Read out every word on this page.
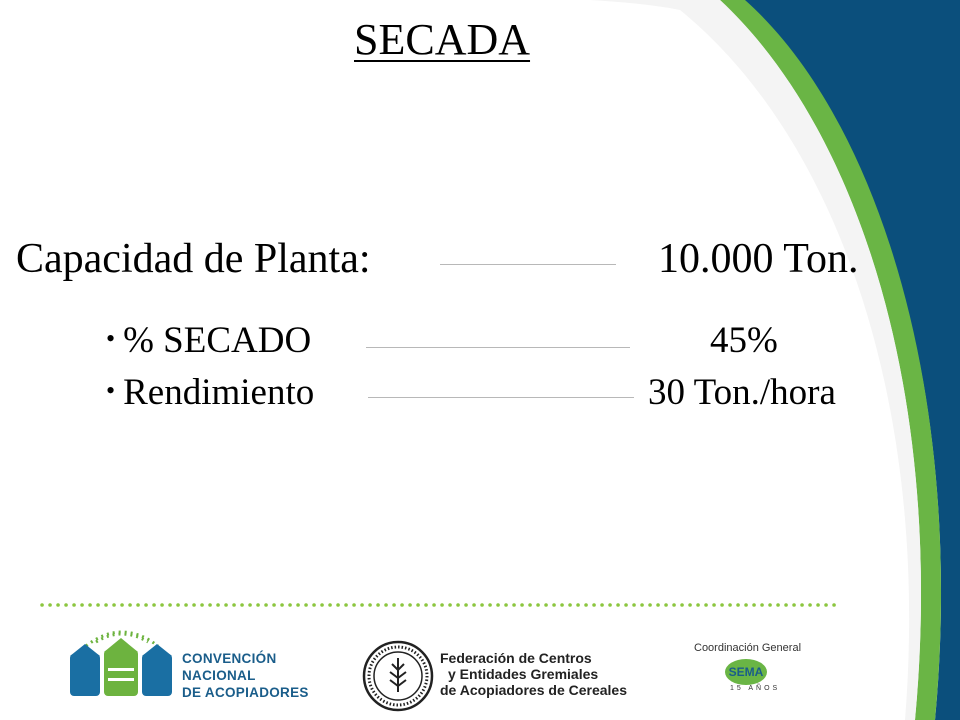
SECADA
Capacidad de Planta:	10.000 Ton.
• % SECADO	45%
• Rendimiento	30 Ton./hora
CONVENCIÓN
NACIONAL
DE ACOPIADORES
Federación de Centros
y Entidades Gremiales
de Acopiadores de Cereales
Coordinación General
SEMA
15 AÑOS
